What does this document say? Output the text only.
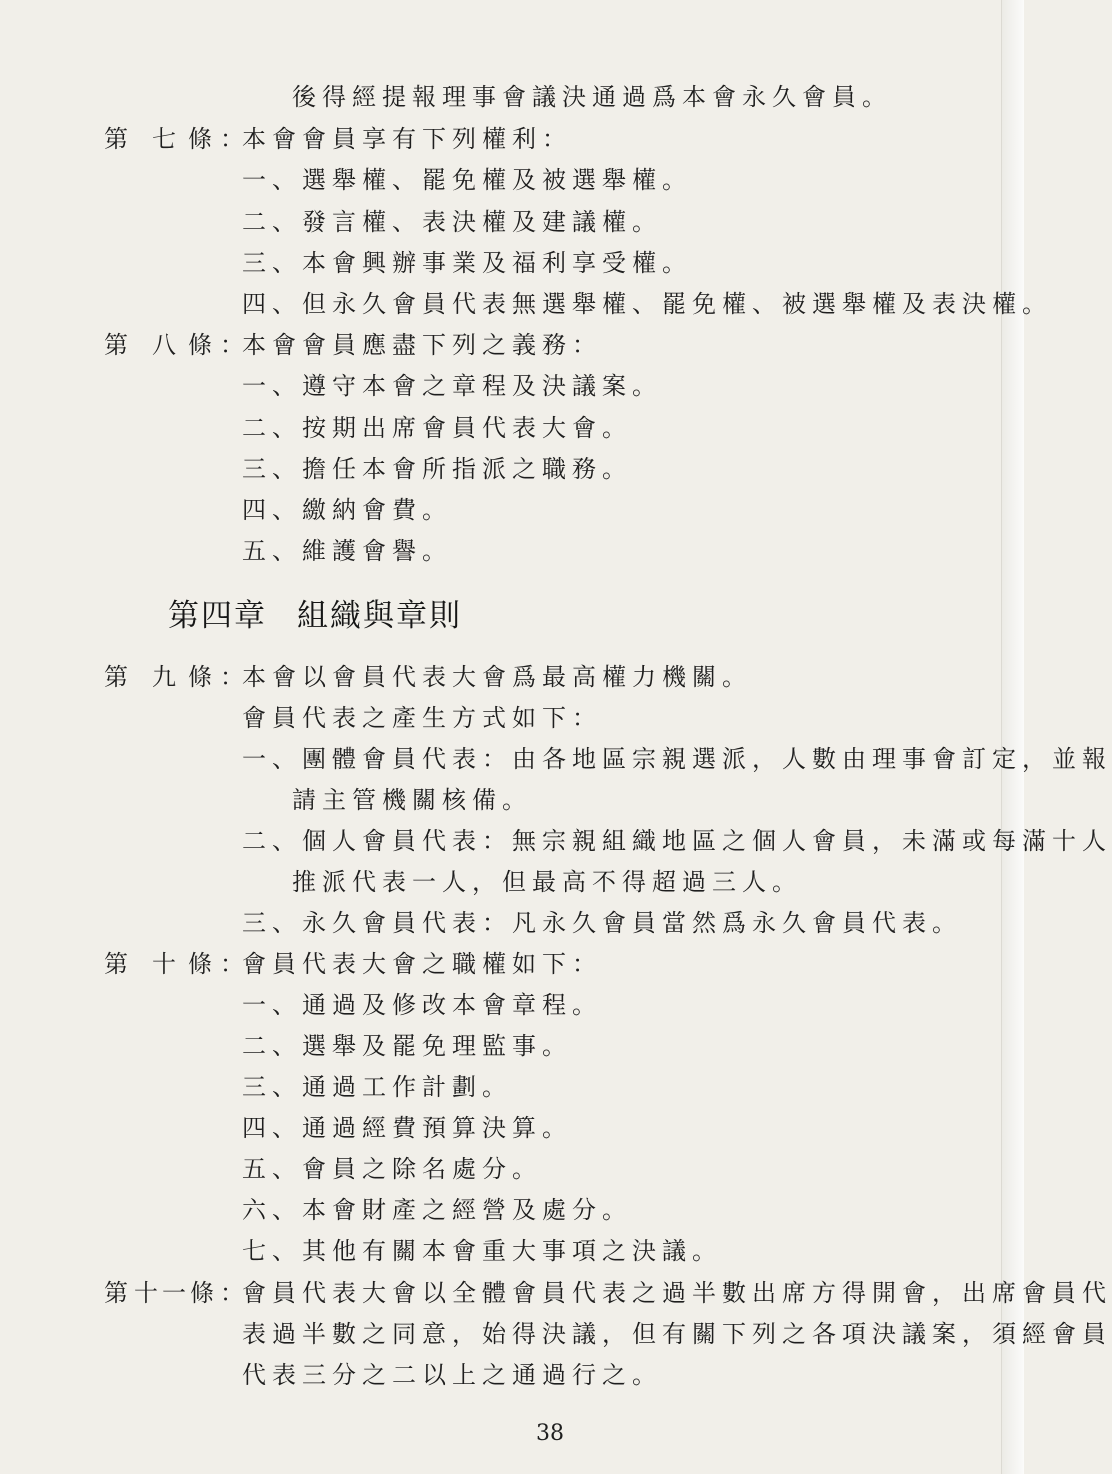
後得經提報理事會議決通過爲本會永久會員。
第 七 條 ：
本會會員享有下列權利：
一、選舉權、罷免權及被選舉權。
二、發言權、表決權及建議權。
三、本會興辦事業及福利享受權。
四、但永久會員代表無選舉權、罷免權、被選舉權及表決權。
第 八 條 ：
本會會員應盡下列之義務：
一、遵守本會之章程及決議案。
二、按期出席會員代表大會。
三、擔任本會所指派之職務。
四、繳納會費。
五、維護會譽。
第四章 組織與章則
第 九 條 ：
本會以會員代表大會爲最高權力機關。
會員代表之產生方式如下：
一、團體會員代表：由各地區宗親選派，人數由理事會訂定，並報
請主管機關核備。
二、個人會員代表：無宗親組織地區之個人會員，未滿或每滿十人
推派代表一人，但最高不得超過三人。
三、永久會員代表：凡永久會員當然爲永久會員代表。
第 十 條 ：
會員代表大會之職權如下：
一、通過及修改本會章程。
二、選舉及罷免理監事。
三、通過工作計劃。
四、通過經費預算決算。
五、會員之除名處分。
六、本會財產之經營及處分。
七、其他有關本會重大事項之決議。
第 十 一 條 ：
會員代表大會以全體會員代表之過半數出席方得開會，出席會員代
表過半數之同意，始得決議，但有關下列之各項決議案，須經會員
代表三分之二以上之通過行之。
38
